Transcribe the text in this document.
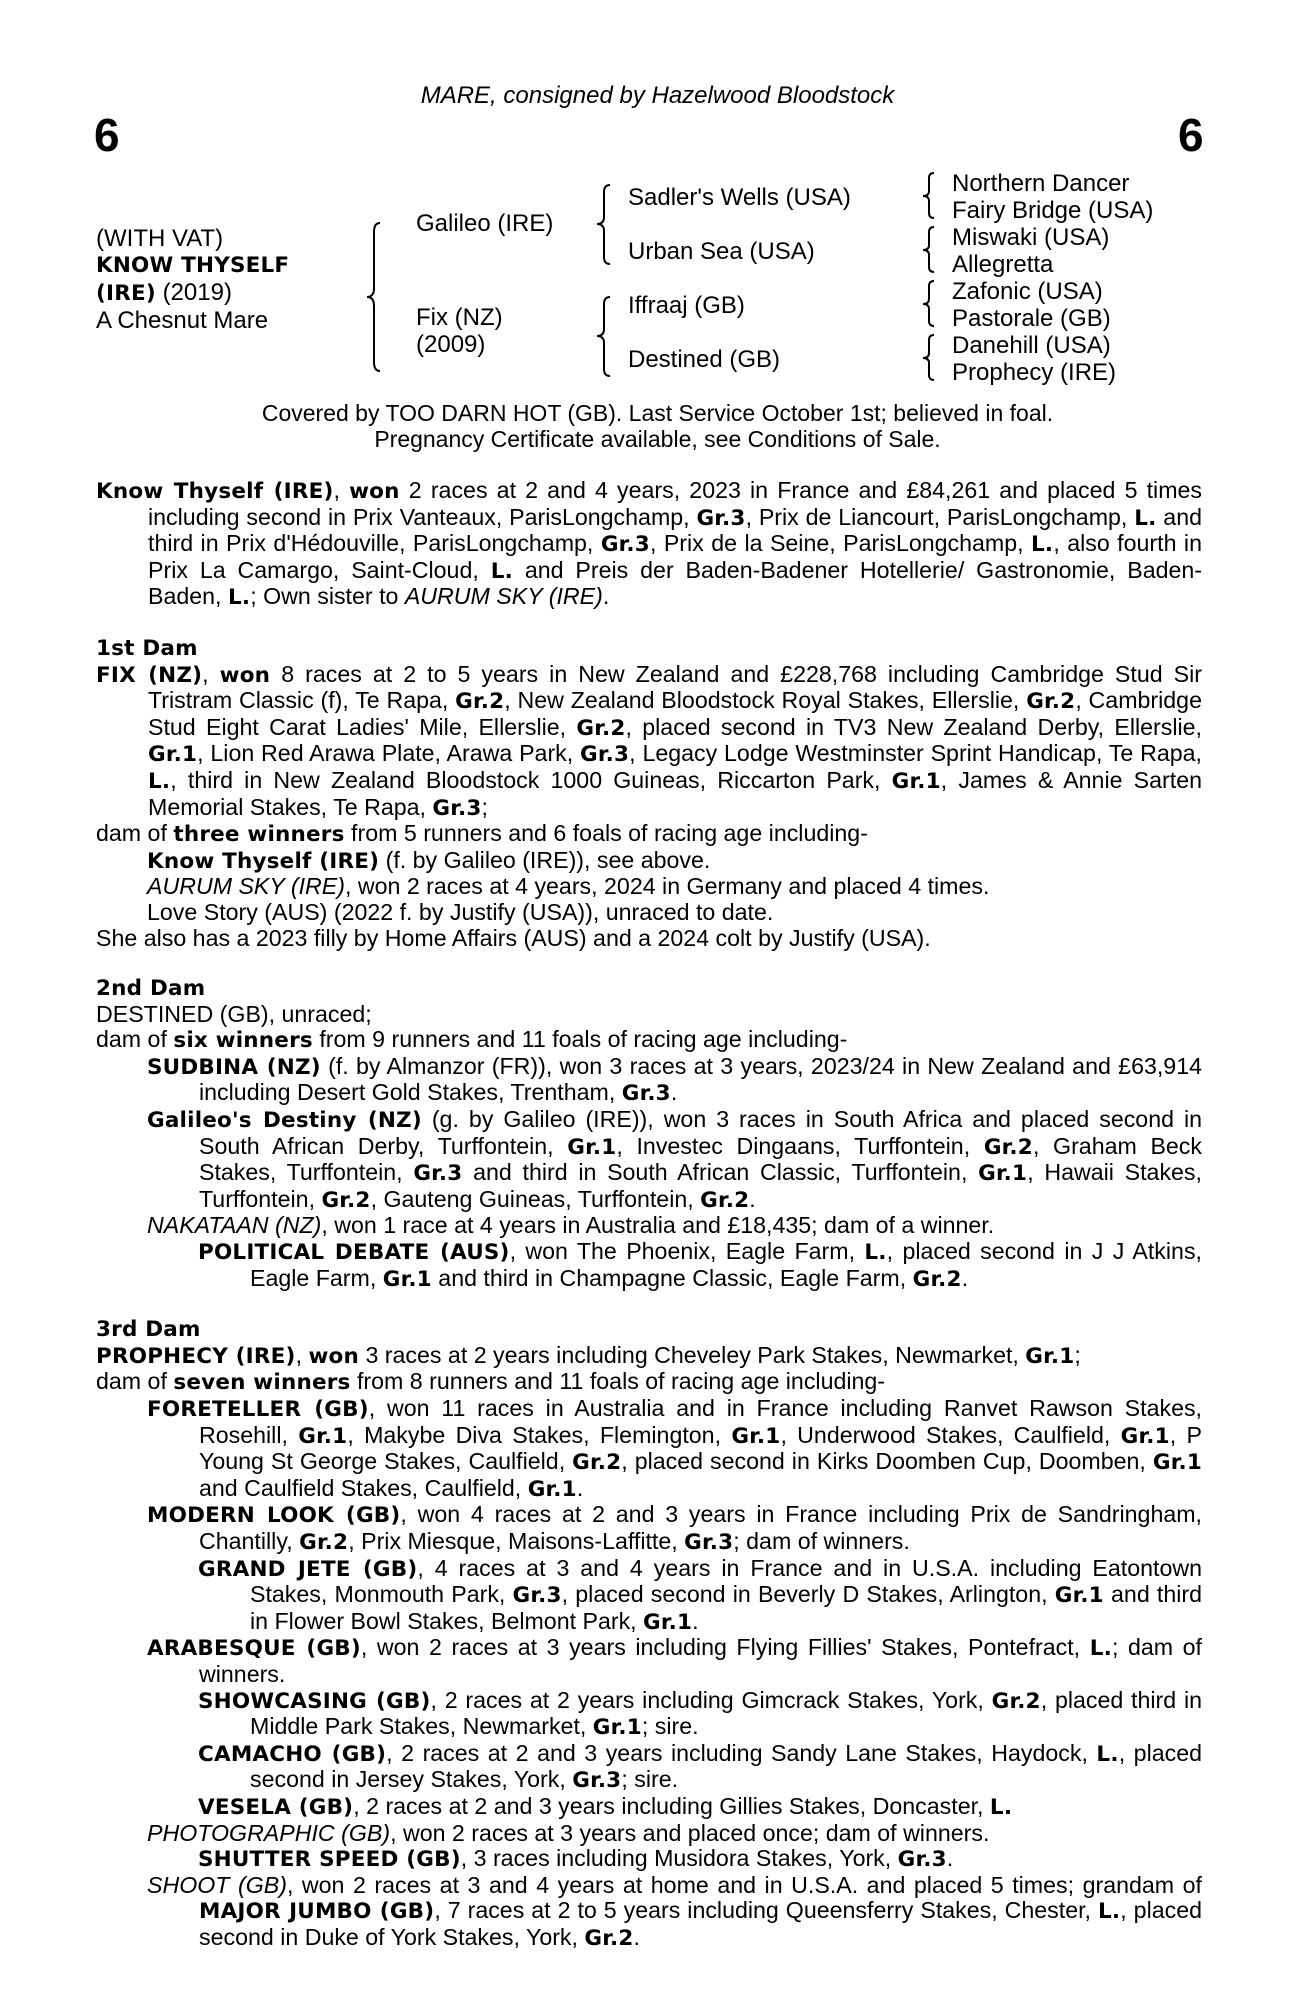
MARE, consigned by Hazelwood Bloodstock
6	6
(WITH VAT)
KNOW THYSELF
(IRE) (2019)
A Chesnut Mare
Galileo (IRE)
Fix (NZ)
(2009)
Sadler's Wells (USA)
Urban Sea (USA)
Iffraaj (GB)
Destined (GB)
Northern Dancer
Fairy Bridge (USA)
Miswaki (USA)
Allegretta
Zafonic (USA)
Pastorale (GB)
Danehill (USA)
Prophecy (IRE)
Covered by TOO DARN HOT (GB). Last Service October 1st; believed in foal.
Pregnancy Certificate available, see Conditions of Sale.
Know Thyself (IRE), won 2 races at 2 and 4 years, 2023 in France and £84,261 and placed 5 times including second in Prix Vanteaux, ParisLongchamp, Gr.3, Prix de Liancourt, ParisLongchamp, L. and third in Prix d'Hédouville, ParisLongchamp, Gr.3, Prix de la Seine, ParisLongchamp, L., also fourth in Prix La Camargo, Saint-Cloud, L. and Preis der Baden-Badener Hotellerie/ Gastronomie, Baden-Baden, L.; Own sister to AURUM SKY (IRE).
1st Dam
FIX (NZ), won 8 races at 2 to 5 years in New Zealand and £228,768 including Cambridge Stud Sir Tristram Classic (f), Te Rapa, Gr.2, New Zealand Bloodstock Royal Stakes, Ellerslie, Gr.2, Cambridge Stud Eight Carat Ladies' Mile, Ellerslie, Gr.2, placed second in TV3 New Zealand Derby, Ellerslie, Gr.1, Lion Red Arawa Plate, Arawa Park, Gr.3, Legacy Lodge Westminster Sprint Handicap, Te Rapa, L., third in New Zealand Bloodstock 1000 Guineas, Riccarton Park, Gr.1, James & Annie Sarten Memorial Stakes, Te Rapa, Gr.3;
dam of three winners from 5 runners and 6 foals of racing age including-
Know Thyself (IRE) (f. by Galileo (IRE)), see above.
AURUM SKY (IRE), won 2 races at 4 years, 2024 in Germany and placed 4 times.
Love Story (AUS) (2022 f. by Justify (USA)), unraced to date.
She also has a 2023 filly by Home Affairs (AUS) and a 2024 colt by Justify (USA).
2nd Dam
DESTINED (GB), unraced;
dam of six winners from 9 runners and 11 foals of racing age including-
SUDBINA (NZ) (f. by Almanzor (FR)), won 3 races at 3 years, 2023/24 in New Zealand and £63,914 including Desert Gold Stakes, Trentham, Gr.3.
Galileo's Destiny (NZ) (g. by Galileo (IRE)), won 3 races in South Africa and placed second in South African Derby, Turffontein, Gr.1, Investec Dingaans, Turffontein, Gr.2, Graham Beck Stakes, Turffontein, Gr.3 and third in South African Classic, Turffontein, Gr.1, Hawaii Stakes, Turffontein, Gr.2, Gauteng Guineas, Turffontein, Gr.2.
NAKATAAN (NZ), won 1 race at 4 years in Australia and £18,435; dam of a winner.
POLITICAL DEBATE (AUS), won The Phoenix, Eagle Farm, L., placed second in J J Atkins, Eagle Farm, Gr.1 and third in Champagne Classic, Eagle Farm, Gr.2.
3rd Dam
PROPHECY (IRE), won 3 races at 2 years including Cheveley Park Stakes, Newmarket, Gr.1;
dam of seven winners from 8 runners and 11 foals of racing age including-
FORETELLER (GB), won 11 races in Australia and in France including Ranvet Rawson Stakes, Rosehill, Gr.1, Makybe Diva Stakes, Flemington, Gr.1, Underwood Stakes, Caulfield, Gr.1, P Young St George Stakes, Caulfield, Gr.2, placed second in Kirks Doomben Cup, Doomben, Gr.1 and Caulfield Stakes, Caulfield, Gr.1.
MODERN LOOK (GB), won 4 races at 2 and 3 years in France including Prix de Sandringham, Chantilly, Gr.2, Prix Miesque, Maisons-Laffitte, Gr.3; dam of winners.
GRAND JETE (GB), 4 races at 3 and 4 years in France and in U.S.A. including Eatontown Stakes, Monmouth Park, Gr.3, placed second in Beverly D Stakes, Arlington, Gr.1 and third in Flower Bowl Stakes, Belmont Park, Gr.1.
ARABESQUE (GB), won 2 races at 3 years including Flying Fillies' Stakes, Pontefract, L.; dam of winners.
SHOWCASING (GB), 2 races at 2 years including Gimcrack Stakes, York, Gr.2, placed third in Middle Park Stakes, Newmarket, Gr.1; sire.
CAMACHO (GB), 2 races at 2 and 3 years including Sandy Lane Stakes, Haydock, L., placed second in Jersey Stakes, York, Gr.3; sire.
VESELA (GB), 2 races at 2 and 3 years including Gillies Stakes, Doncaster, L.
PHOTOGRAPHIC (GB), won 2 races at 3 years and placed once; dam of winners.
SHUTTER SPEED (GB), 3 races including Musidora Stakes, York, Gr.3.
SHOOT (GB), won 2 races at 3 and 4 years at home and in U.S.A. and placed 5 times; grandam of MAJOR JUMBO (GB), 7 races at 2 to 5 years including Queensferry Stakes, Chester, L., placed second in Duke of York Stakes, York, Gr.2.
